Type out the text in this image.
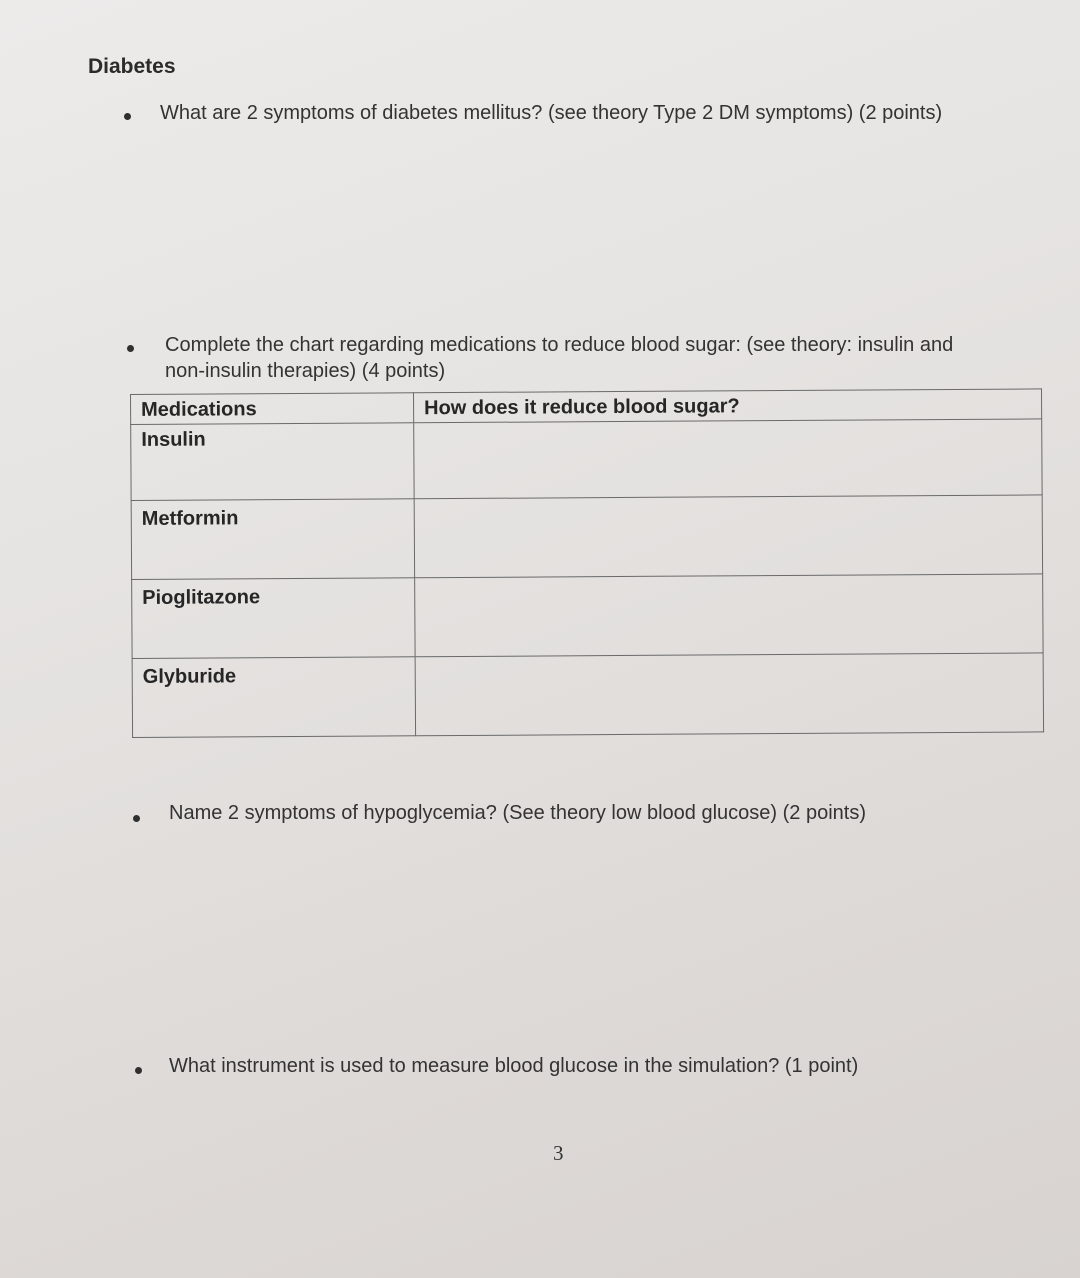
Diabetes
What are 2 symptoms of diabetes mellitus? (see theory Type 2 DM symptoms) (2 points)
Complete the chart regarding medications to reduce blood sugar: (see theory: insulin and non-insulin therapies) (4 points)
Medications	How does it reduce blood sugar?
Insulin	
Metformin	
Pioglitazone	
Glyburide	
Name 2 symptoms of hypoglycemia? (See theory low blood glucose) (2 points)
What instrument is used to measure blood glucose in the simulation? (1 point)
3
